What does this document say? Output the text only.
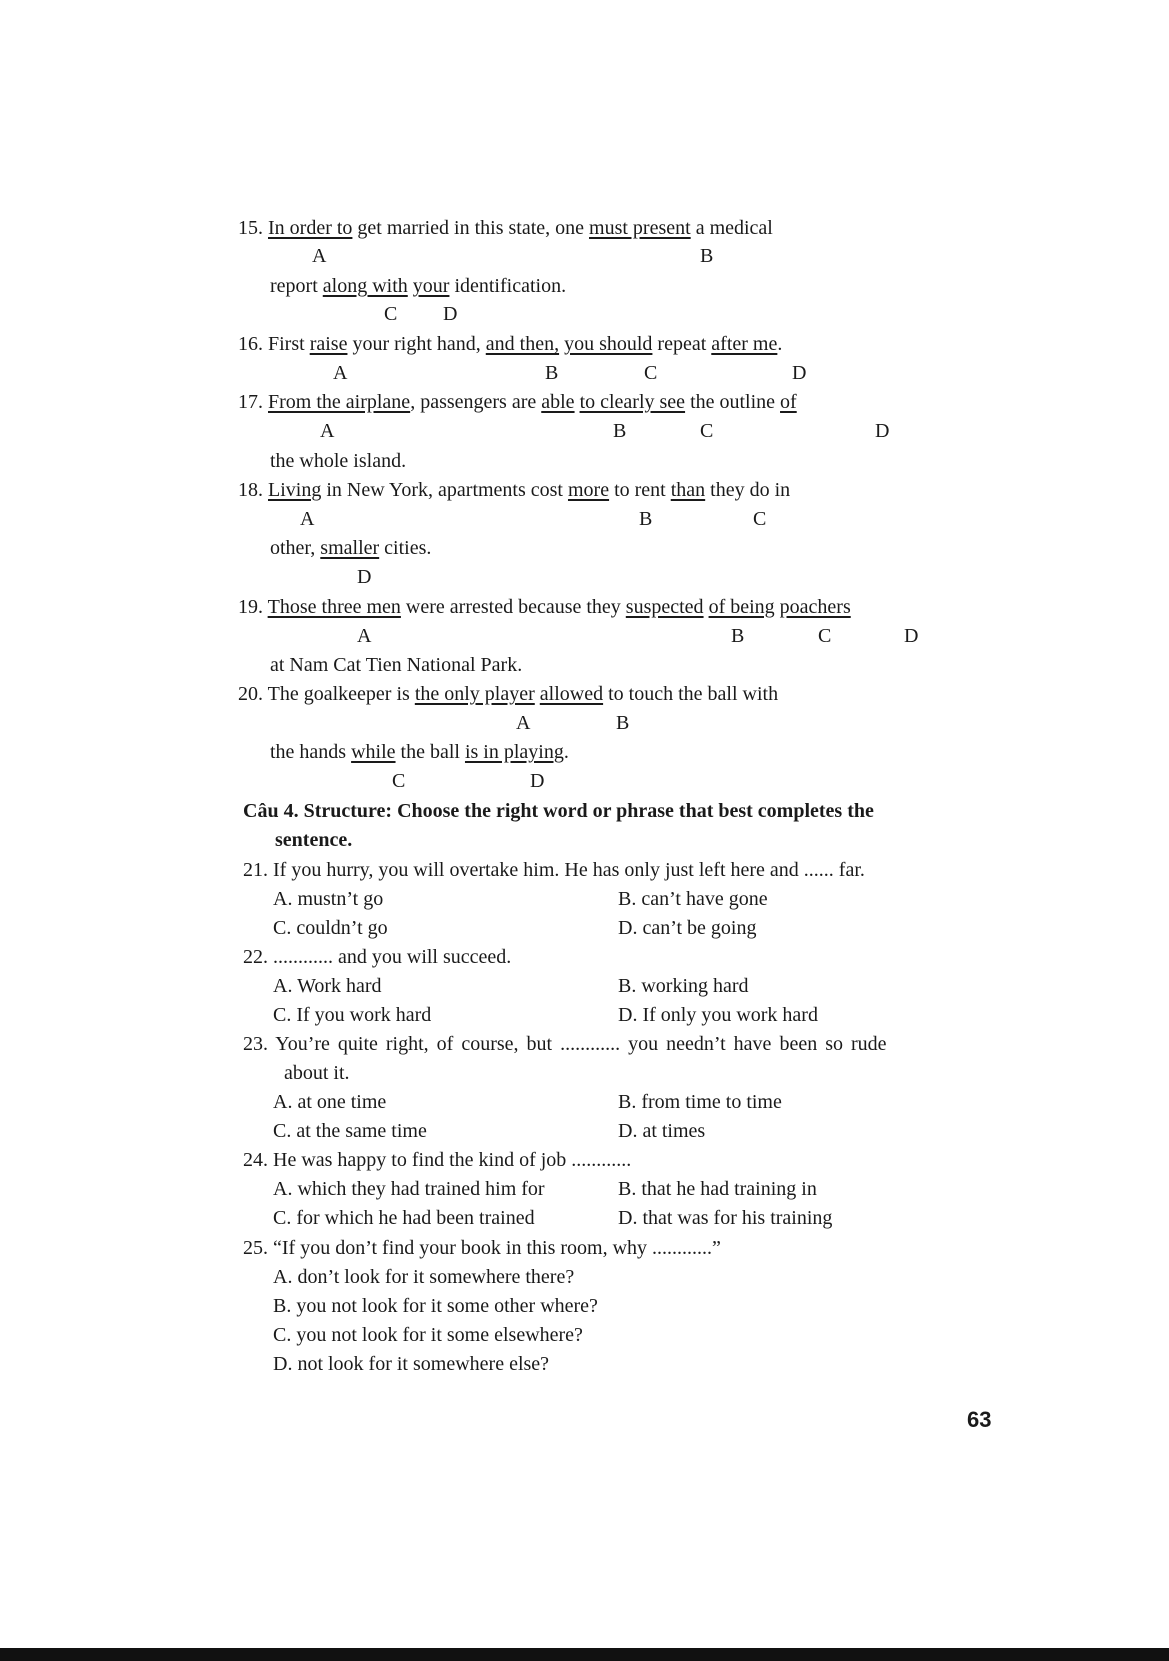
15. In order to get married in this state, one must present a medical
A	B
report along with your identification.
C D
16. First raise your right hand, and then, you should repeat after me.
A	B	C	D
17. From the airplane, passengers are able to clearly see the outline of
A	B	C	D
the whole island.
18. Living in New York, apartments cost more to rent than they do in
A	B	C
other, smaller cities.
D
19. Those three men were arrested because they suspected of being poachers
A	B	C	D
at Nam Cat Tien National Park.
20. The goalkeeper is the only player allowed to touch the ball with
A	B
the hands while the ball is in playing.
C	D
Câu 4. Structure: Choose the right word or phrase that best completes the
sentence.
21. If you hurry, you will overtake him. He has only just left here and ...... far.
A. mustn’t go	B. can’t have gone
C. couldn’t go	D. can’t be going
22. ............ and you will succeed.
A. Work hard	B. working hard
C. If you work hard	D. If only you work hard
23. You’re quite right, of course, but ............ you needn’t have been so rude
about it.
A. at one time	B. from time to time
C. at the same time	D. at times
24. He was happy to find the kind of job ............
A. which they had trained him for	B. that he had training in
C. for which he had been trained	D. that was for his training
25. “If you don’t find your book in this room, why ............”
A. don’t look for it somewhere there?
B. you not look for it some other where?
C. you not look for it some elsewhere?
D. not look for it somewhere else?
63
